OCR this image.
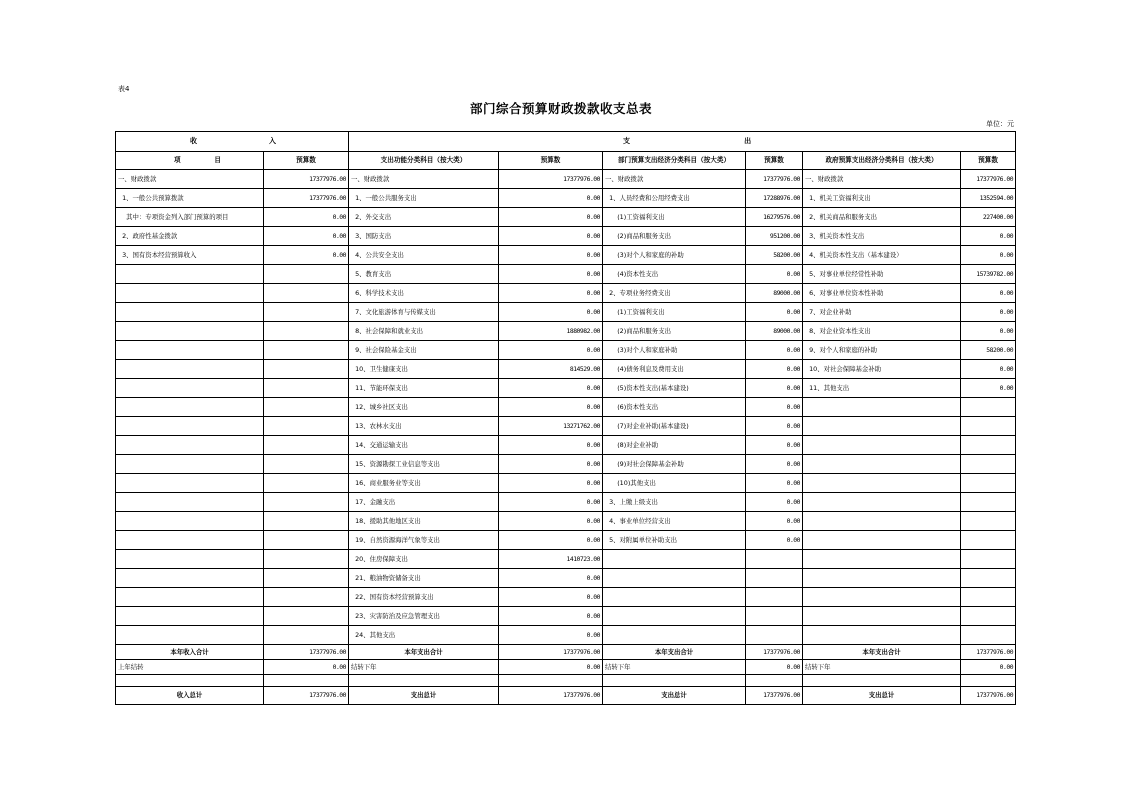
表4
部门综合预算财政拨款收支总表
单位：元
收 入		支 出					

项 目	预算数	支出功能分类科目（按大类）	预算数	部门预算支出经济分类科目（按大类）	预算数	政府预算支出经济分类科目（按大类）	预算数
一、财政拨款	17377976.00	一、财政拨款	17377976.00	一、财政拨款	17377976.00	一、财政拨款	17377976.00
1、一般公共预算拨款	17377976.00	1、一般公共服务支出	0.00	1、人员经费和公用经费支出	17288976.00	1、机关工资福利支出	1352594.00
其中：专项资金列入部门预算的项目	0.00	2、外交支出	0.00	(1)工资福利支出	16279576.00	2、机关商品和服务支出	227400.00
2、政府性基金拨款	0.00	3、国防支出	0.00	(2)商品和服务支出	951200.00	3、机关资本性支出	0.00
3、国有资本经营预算收入	0.00	4、公共安全支出	0.00	(3)对个人和家庭的补助	58200.00	4、机关资本性支出（基本建设）	0.00
		5、教育支出	0.00	(4)资本性支出	0.00	5、对事业单位经常性补助	15739782.00
		6、科学技术支出	0.00	2、专项业务经费支出	89000.00	6、对事业单位资本性补助	0.00
		7、文化旅游体育与传媒支出	0.00	(1)工资福利支出	0.00	7、对企业补助	0.00
		8、社会保障和就业支出	1880982.00	(2)商品和服务支出	89000.00	8、对企业资本性支出	0.00
		9、社会保险基金支出	0.00	(3)对个人和家庭补助	0.00	9、对个人和家庭的补助	58200.00
		10、卫生健康支出	814529.00	(4)债务利息及费用支出	0.00	10、对社会保障基金补助	0.00
		11、节能环保支出	0.00	(5)资本性支出(基本建设)	0.00	11、其他支出	0.00
		12、城乡社区支出	0.00	(6)资本性支出	0.00		
		13、农林水支出	13271762.00	(7)对企业补助(基本建设)	0.00		
		14、交通运输支出	0.00	(8)对企业补助	0.00		
		15、资源勘探工业信息等支出	0.00	(9)对社会保障基金补助	0.00		
		16、商业服务业等支出	0.00	(10)其他支出	0.00		
		17、金融支出	0.00	3、上缴上级支出	0.00		
		18、援助其他地区支出	0.00	4、事业单位经营支出	0.00		
		19、自然资源海洋气象等支出	0.00	5、对附属单位补助支出	0.00		
		20、住房保障支出	1410723.00				
		21、粮油物资储备支出	0.00				
		22、国有资本经营预算支出	0.00				
		23、灾害防治及应急管理支出	0.00				
		24、其他支出	0.00				
本年收入合计	17377976.00	本年支出合计	17377976.00	本年支出合计	17377976.00	本年支出合计	17377976.00
上年结转	0.00	结转下年	0.00	结转下年	0.00	结转下年	0.00

收入总计	17377976.00	支出总计	17377976.00	支出总计	17377976.00	支出总计	17377976.00
